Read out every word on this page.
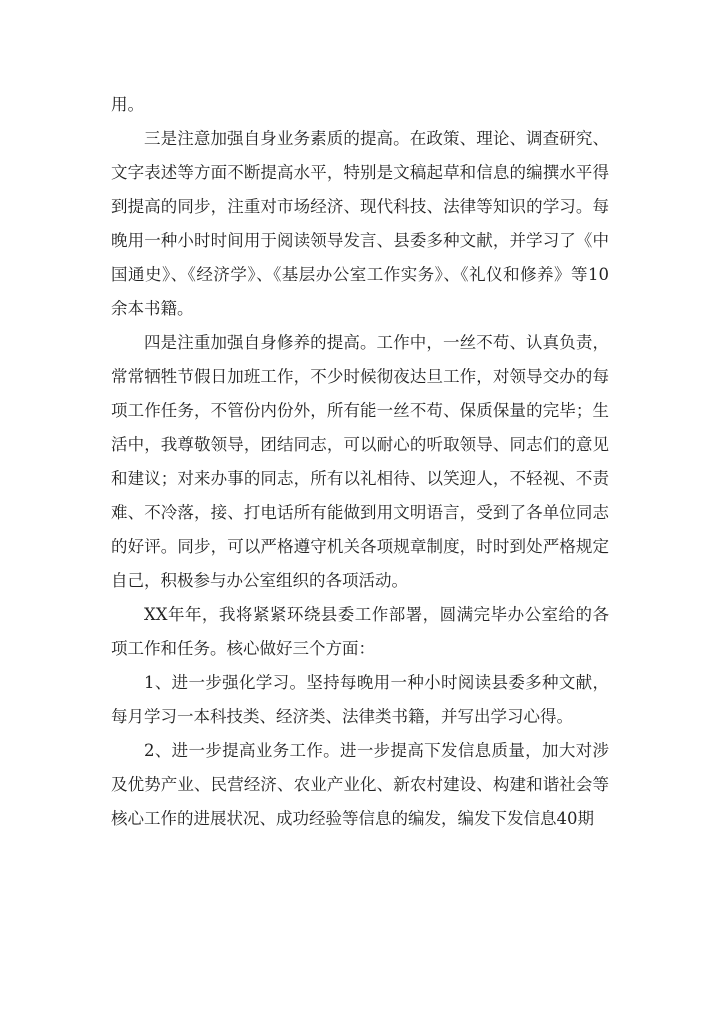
用。

三是注意加强自身业务素质的提高。在政策、理论、调查研究、文字表述等方面不断提高水平，特别是文稿起草和信息的编撰水平得到提高的同步，注重对市场经济、现代科技、法律等知识的学习。每晚用一种小时时间用于阅读领导发言、县委多种文献，并学习了《中国通史》、《经济学》、《基层办公室工作实务》、《礼仪和修养》等10余本书籍。

四是注重加强自身修养的提高。工作中，一丝不苟、认真负责，常常牺牲节假日加班工作，不少时候彻夜达旦工作，对领导交办的每项工作任务，不管份内份外，所有能一丝不苟、保质保量的完毕；生活中，我尊敬领导，团结同志，可以耐心的听取领导、同志们的意见和建议；对来办事的同志，所有以礼相待、以笑迎人，不轻视、不责难、不冷落，接、打电话所有能做到用文明语言，受到了各单位同志的好评。同步，可以严格遵守机关各项规章制度，时时到处严格规定自己，积极参与办公室组织的各项活动。

XX年年，我将紧紧环绕县委工作部署，圆满完毕办公室给的各项工作和任务。核心做好三个方面：

1、进一步强化学习。坚持每晚用一种小时阅读县委多种文献，每月学习一本科技类、经济类、法律类书籍，并写出学习心得。

2、进一步提高业务工作。进一步提高下发信息质量，加大对涉及优势产业、民营经济、农业产业化、新农村建设、构建和谐社会等核心工作的进展状况、成功经验等信息的编发，编发下发信息40期
